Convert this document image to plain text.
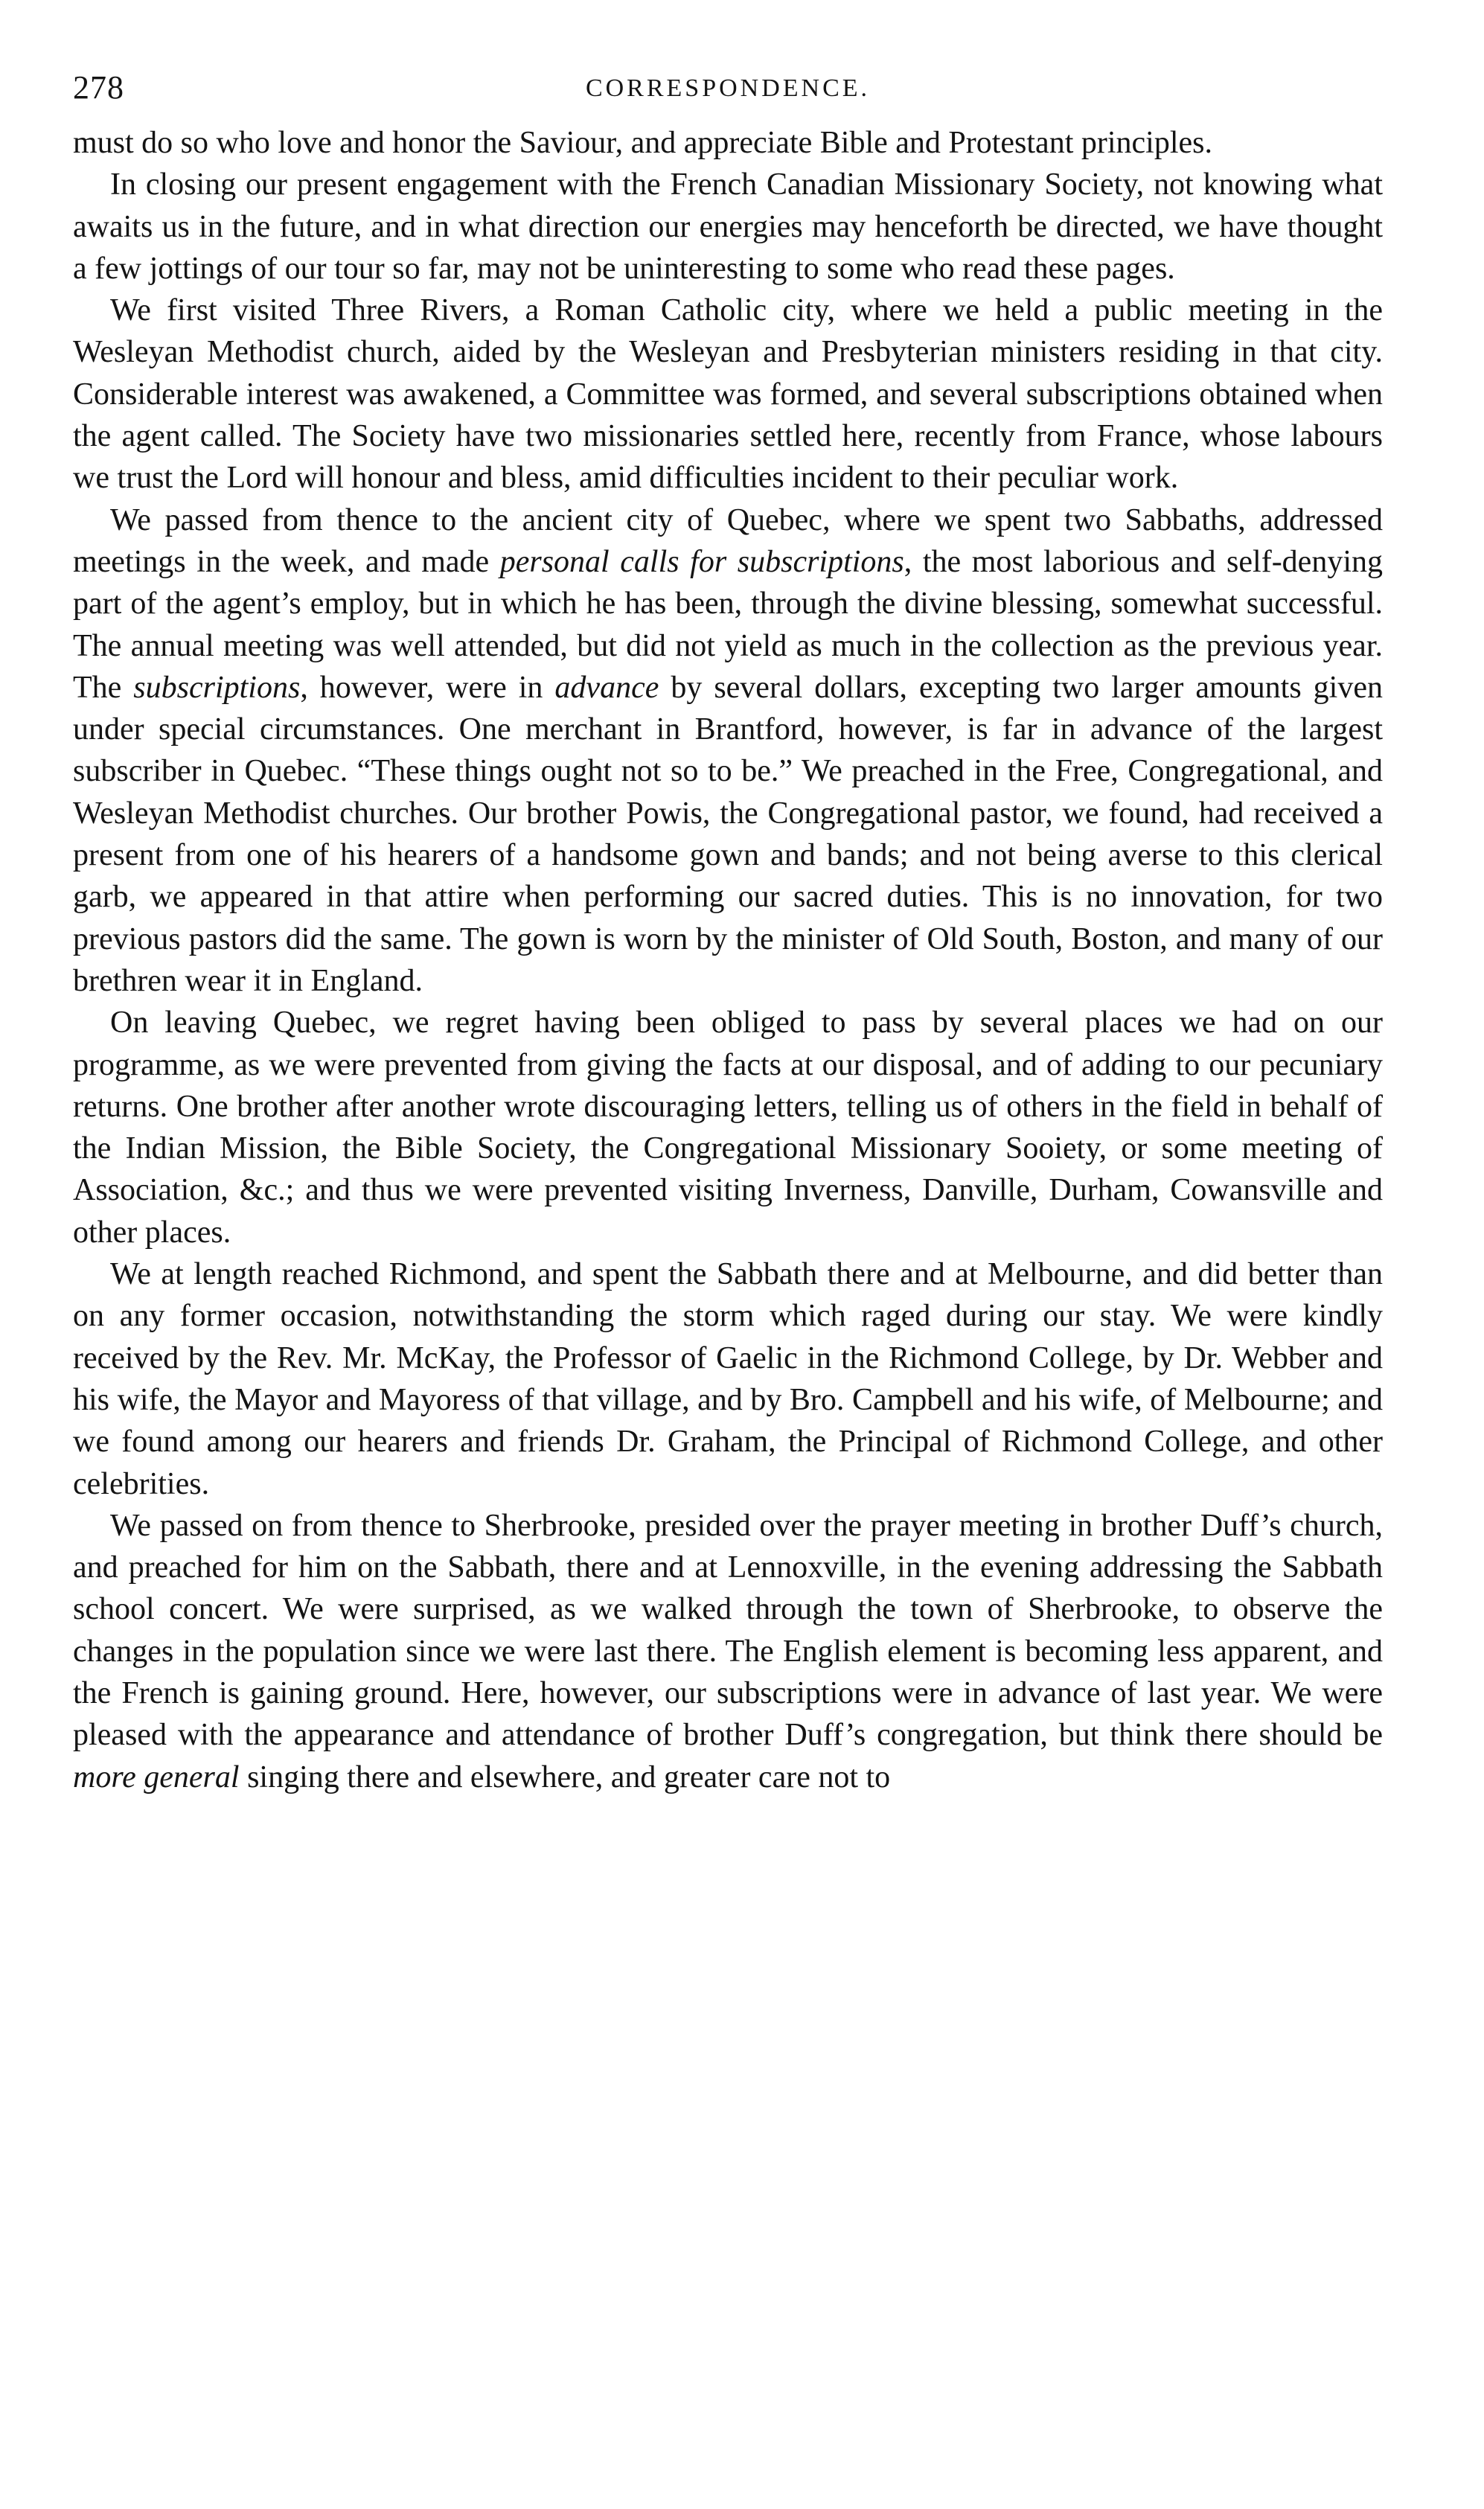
278	CORRESPONDENCE.

must do so who love and honor the Saviour, and appreciate Bible and Protestant principles.

In closing our present engagement with the French Canadian Missionary Society, not knowing what awaits us in the future, and in what direction our energies may henceforth be directed, we have thought a few jottings of our tour so far, may not be uninteresting to some who read these pages.

We first visited Three Rivers, a Roman Catholic city, where we held a public meeting in the Wesleyan Methodist church, aided by the Wesleyan and Presbyterian ministers residing in that city. Considerable interest was awakened, a Committee was formed, and several subscriptions obtained when the agent called. The Society have two missionaries settled here, recently from France, whose labours we trust the Lord will honour and bless, amid difficulties incident to their peculiar work.

We passed from thence to the ancient city of Quebec, where we spent two Sabbaths, addressed meetings in the week, and made personal calls for subscriptions, the most laborious and self-denying part of the agent’s employ, but in which he has been, through the divine blessing, somewhat successful. The annual meeting was well attended, but did not yield as much in the collection as the previous year. The subscriptions, however, were in advance by several dollars, excepting two larger amounts given under special circumstances. One merchant in Brantford, however, is far in advance of the largest subscriber in Quebec. “These things ought not so to be.” We preached in the Free, Congregational, and Wesleyan Methodist churches. Our brother Powis, the Congregational pastor, we found, had received a present from one of his hearers of a handsome gown and bands; and not being averse to this clerical garb, we appeared in that attire when performing our sacred duties. This is no innovation, for two previous pastors did the same. The gown is worn by the minister of Old South, Boston, and many of our brethren wear it in England.

On leaving Quebec, we regret having been obliged to pass by several places we had on our programme, as we were prevented from giving the facts at our disposal, and of adding to our pecuniary returns. One brother after another wrote discouraging letters, telling us of others in the field in behalf of the Indian Mission, the Bible Society, the Congregational Missionary Sooiety, or some meeting of Association, &c.; and thus we were prevented visiting Inverness, Danville, Durham, Cowansville and other places.

We at length reached Richmond, and spent the Sabbath there and at Melbourne, and did better than on any former occasion, notwithstanding the storm which raged during our stay. We were kindly received by the Rev. Mr. McKay, the Professor of Gaelic in the Richmond College, by Dr. Webber and his wife, the Mayor and Mayoress of that village, and by Bro. Campbell and his wife, of Melbourne; and we found among our hearers and friends Dr. Graham, the Principal of Richmond College, and other celebrities.

We passed on from thence to Sherbrooke, presided over the prayer meeting in brother Duff’s church, and preached for him on the Sabbath, there and at Lennoxville, in the evening addressing the Sabbath school concert. We were surprised, as we walked through the town of Sherbrooke, to observe the changes in the population since we were last there. The English element is becoming less apparent, and the French is gaining ground. Here, however, our subscriptions were in advance of last year. We were pleased with the appearance and attendance of brother Duff’s congregation, but think there should be more general singing there and elsewhere, and greater care not to
